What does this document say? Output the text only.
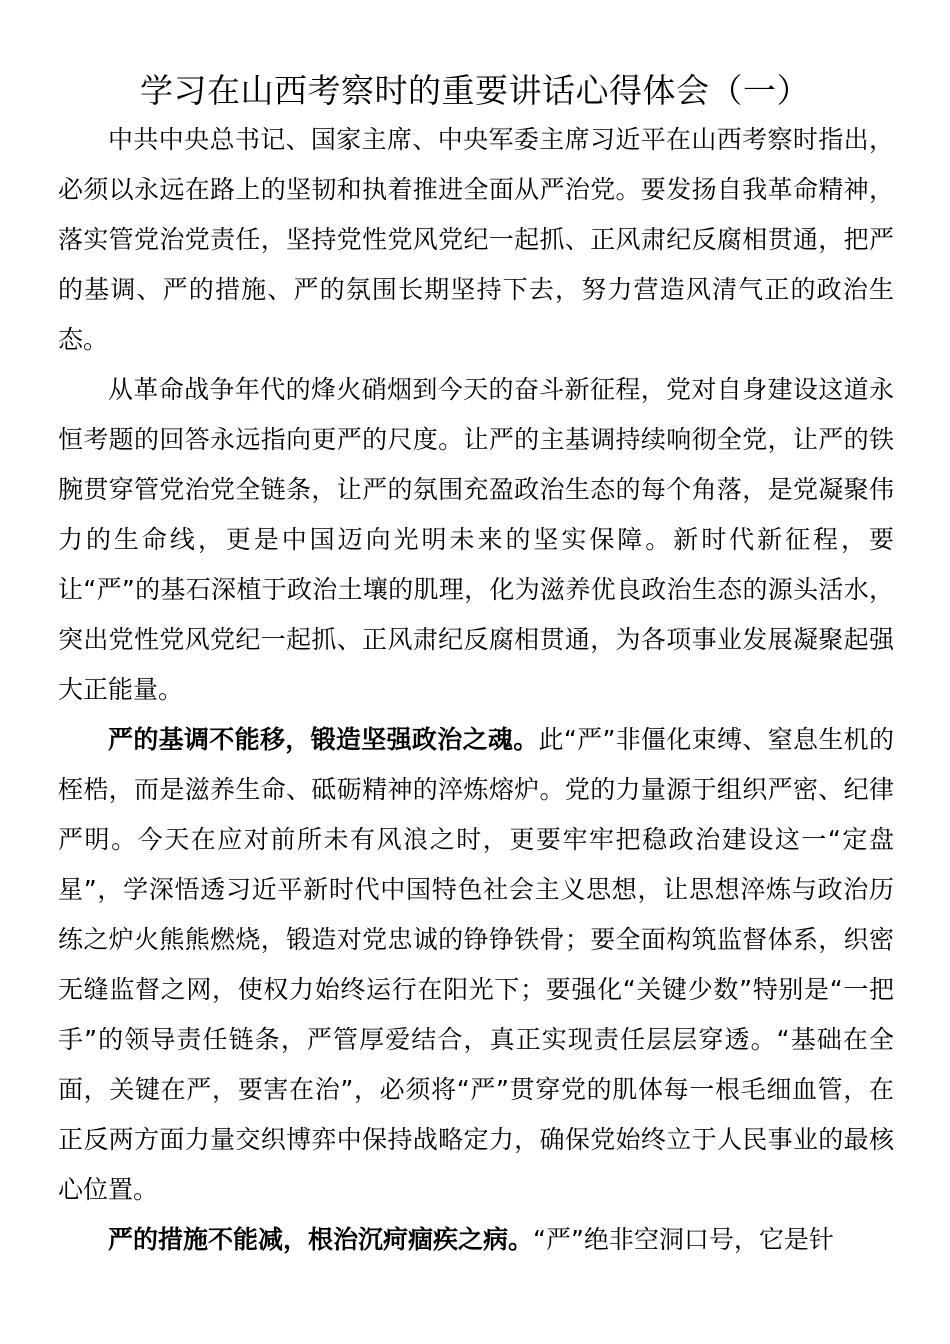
学习在山西考察时的重要讲话心得体会（一）

中共中央总书记、国家主席、中央军委主席习近平在山西考察时指出，必须以永远在路上的坚韧和执着推进全面从严治党。要发扬自我革命精神，落实管党治党责任，坚持党性党风党纪一起抓、正风肃纪反腐相贯通，把严的基调、严的措施、严的氛围长期坚持下去，努力营造风清气正的政治生态。

从革命战争年代的烽火硝烟到今天的奋斗新征程，党对自身建设这道永恒考题的回答永远指向更严的尺度。让严的主基调持续响彻全党，让严的铁腕贯穿管党治党全链条，让严的氛围充盈政治生态的每个角落，是党凝聚伟力的生命线，更是中国迈向光明未来的坚实保障。新时代新征程，要让“严”的基石深植于政治土壤的肌理，化为滋养优良政治生态的源头活水，突出党性党风党纪一起抓、正风肃纪反腐相贯通，为各项事业发展凝聚起强大正能量。

严的基调不能移，锻造坚强政治之魂。此“严”非僵化束缚、窒息生机的桎梏，而是滋养生命、砥砺精神的淬炼熔炉。党的力量源于组织严密、纪律严明。今天在应对前所未有风浪之时，更要牢牢把稳政治建设这一“定盘星”，学深悟透习近平新时代中国特色社会主义思想，让思想淬炼与政治历练之炉火熊熊燃烧，锻造对党忠诚的铮铮铁骨；要全面构筑监督体系，织密无缝监督之网，使权力始终运行在阳光下；要强化“关键少数”特别是“一把手”的领导责任链条，严管厚爱结合，真正实现责任层层穿透。“基础在全面，关键在严，要害在治”，必须将“严”贯穿党的肌体每一根毛细血管，在正反两方面力量交织博弈中保持战略定力，确保党始终立于人民事业的最核心位置。

严的措施不能减，根治沉疴痼疾之病。“严”绝非空洞口号，它是针
